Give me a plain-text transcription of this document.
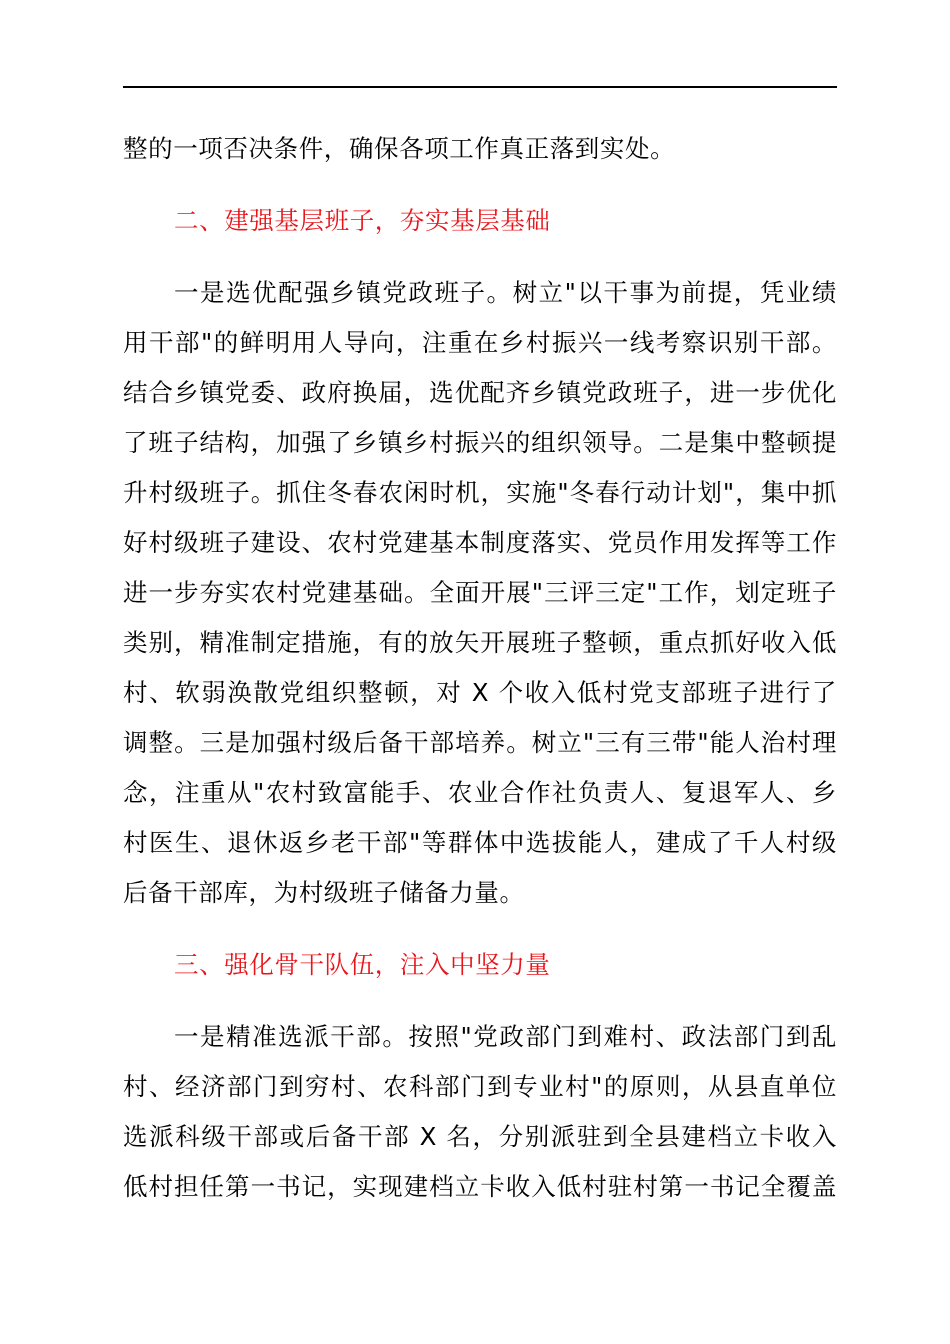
整的一项否决条件，确保各项工作真正落到实处。
二、建强基层班子，夯实基层基础
一是选优配强乡镇党政班子。树立"以干事为前提，凭业绩
用干部"的鲜明用人导向，注重在乡村振兴一线考察识别干部。
结合乡镇党委、政府换届，选优配齐乡镇党政班子，进一步优化
了班子结构，加强了乡镇乡村振兴的组织领导。二是集中整顿提
升村级班子。抓住冬春农闲时机，实施"冬春行动计划"，集中抓
好村级班子建设、农村党建基本制度落实、党员作用发挥等工作
进一步夯实农村党建基础。全面开展"三评三定"工作，划定班子
类别，精准制定措施，有的放矢开展班子整顿，重点抓好收入低
村、软弱涣散党组织整顿，对 X 个收入低村党支部班子进行了
调整。三是加强村级后备干部培养。树立"三有三带"能人治村理
念，注重从"农村致富能手、农业合作社负责人、复退军人、乡
村医生、退休返乡老干部"等群体中选拔能人，建成了千人村级
后备干部库，为村级班子储备力量。
三、强化骨干队伍，注入中坚力量
一是精准选派干部。按照"党政部门到难村、政法部门到乱
村、经济部门到穷村、农科部门到专业村"的原则，从县直单位
选派科级干部或后备干部 X 名，分别派驻到全县建档立卡收入
低村担任第一书记，实现建档立卡收入低村驻村第一书记全覆盖
